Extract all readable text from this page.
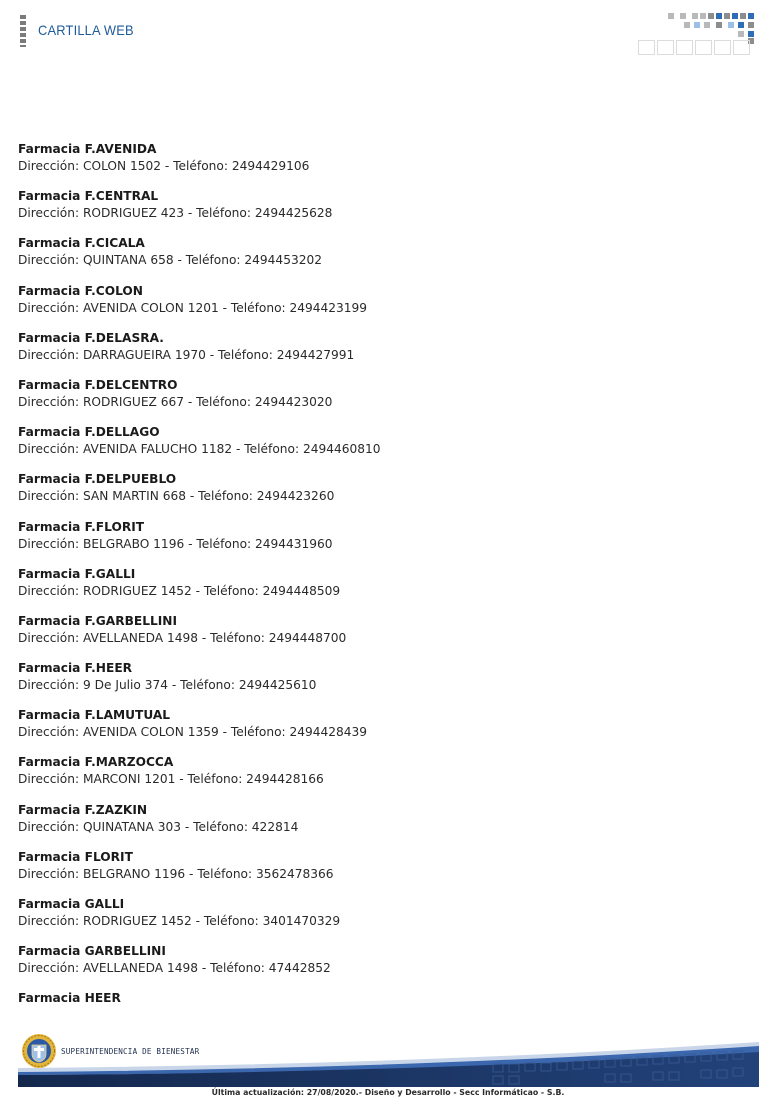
CARTILLA WEB
Farmacia F.AVENIDA
Dirección: COLON 1502 - Teléfono: 2494429106
Farmacia F.CENTRAL
Dirección: RODRIGUEZ 423 - Teléfono: 2494425628
Farmacia F.CICALA
Dirección: QUINTANA 658 - Teléfono: 2494453202
Farmacia F.COLON
Dirección: AVENIDA COLON 1201 - Teléfono: 2494423199
Farmacia F.DELASRA.
Dirección: DARRAGUEIRA 1970 - Teléfono: 2494427991
Farmacia F.DELCENTRO
Dirección: RODRIGUEZ 667 - Teléfono: 2494423020
Farmacia F.DELLAGO
Dirección: AVENIDA FALUCHO 1182 - Teléfono: 2494460810
Farmacia F.DELPUEBLO
Dirección: SAN MARTIN 668 - Teléfono: 2494423260
Farmacia F.FLORIT
Dirección: BELGRABO 1196 - Teléfono: 2494431960
Farmacia F.GALLI
Dirección: RODRIGUEZ 1452 - Teléfono: 2494448509
Farmacia F.GARBELLINI
Dirección: AVELLANEDA 1498 - Teléfono: 2494448700
Farmacia F.HEER
Dirección: 9 De Julio 374 - Teléfono: 2494425610
Farmacia F.LAMUTUAL
Dirección: AVENIDA COLON 1359 - Teléfono: 2494428439
Farmacia F.MARZOCCA
Dirección: MARCONI 1201 - Teléfono: 2494428166
Farmacia F.ZAZKIN
Dirección: QUINATANA 303 - Teléfono: 422814
Farmacia FLORIT
Dirección: BELGRANO 1196 - Teléfono: 3562478366
Farmacia GALLI
Dirección: RODRIGUEZ 1452 - Teléfono: 3401470329
Farmacia GARBELLINI
Dirección: AVELLANEDA 1498 - Teléfono: 47442852
Farmacia HEER
SUPERINTENDENCIA DE BIENESTAR
Última actualización: 27/08/2020.- Diseño y Desarrollo - Secc Informáticao - S.B.
